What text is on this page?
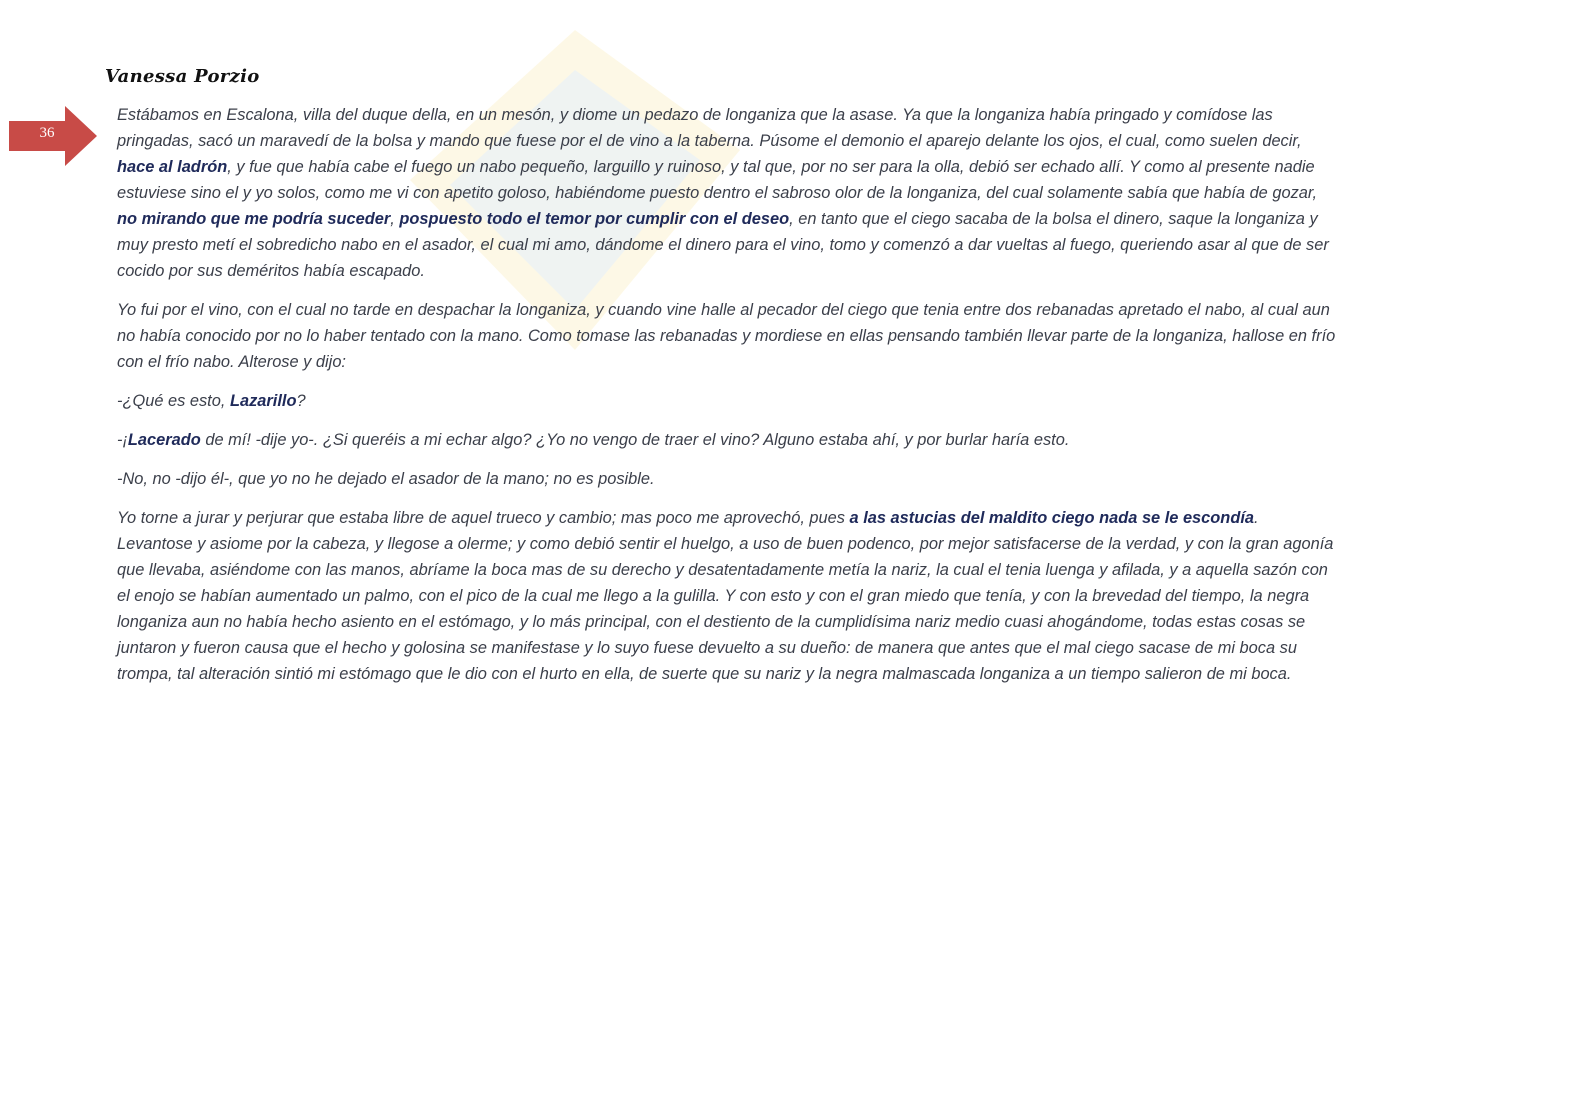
Vanessa Porzio
36

Estábamos en Escalona, villa del duque della, en un mesón, y diome un pedazo de longaniza que la asase. Ya que la longaniza había pringado y comídose las pringadas, sacó un maravedí de la bolsa y mando que fuese por el de vino a la taberna. Púsome el demonio el aparejo delante los ojos, el cual, como suelen decir, hace al ladrón, y fue que había cabe el fuego un nabo pequeño, larguillo y ruinoso, y tal que, por no ser para la olla, debió ser echado allí. Y como al presente nadie estuviese sino el y yo solos, como me vi con apetito goloso, habiéndome puesto dentro el sabroso olor de la longaniza, del cual solamente sabía que había de gozar, no mirando que me podría suceder, pospuesto todo el temor por cumplir con el deseo, en tanto que el ciego sacaba de la bolsa el dinero, saque la longaniza y muy presto metí el sobredicho nabo en el asador, el cual mi amo, dándome el dinero para el vino, tomo y comenzó a dar vueltas al fuego, queriendo asar al que de ser cocido por sus deméritos había escapado.

Yo fui por el vino, con el cual no tarde en despachar la longaniza, y cuando vine halle al pecador del ciego que tenia entre dos rebanadas apretado el nabo, al cual aun no había conocido por no lo haber tentado con la mano. Como tomase las rebanadas y mordiese en ellas pensando también llevar parte de la longaniza, hallose en frío con el frío nabo. Alterose y dijo:

-¿Qué es esto, Lazarillo?

-¡Lacerado de mí! -dije yo-. ¿Si queréis a mi echar algo? ¿Yo no vengo de traer el vino? Alguno estaba ahí, y por burlar haría esto.

-No, no -dijo él-, que yo no he dejado el asador de la mano; no es posible.

Yo torne a jurar y perjurar que estaba libre de aquel trueco y cambio; mas poco me aprovechó, pues a las astucias del maldito ciego nada se le escondía. Levantose y asiome por la cabeza, y llegose a olerme; y como debió sentir el huelgo, a uso de buen podenco, por mejor satisfacerse de la verdad, y con la gran agonía que llevaba, asiéndome con las manos, abríame la boca mas de su derecho y desatentadamente metía la nariz, la cual el tenia luenga y afilada, y a aquella sazón con el enojo se habían aumentado un palmo, con el pico de la cual me llego a la gulilla. Y con esto y con el gran miedo que tenía, y con la brevedad del tiempo, la negra longaniza aun no había hecho asiento en el estómago, y lo más principal, con el destiento de la cumplidísima nariz medio cuasi ahogándome, todas estas cosas se juntaron y fueron causa que el hecho y golosina se manifestase y lo suyo fuese devuelto a su dueño: de manera que antes que el mal ciego sacase de mi boca su trompa, tal alteración sintió mi estómago que le dio con el hurto en ella, de suerte que su nariz y la negra malmascada longaniza a un tiempo salieron de mi boca.
